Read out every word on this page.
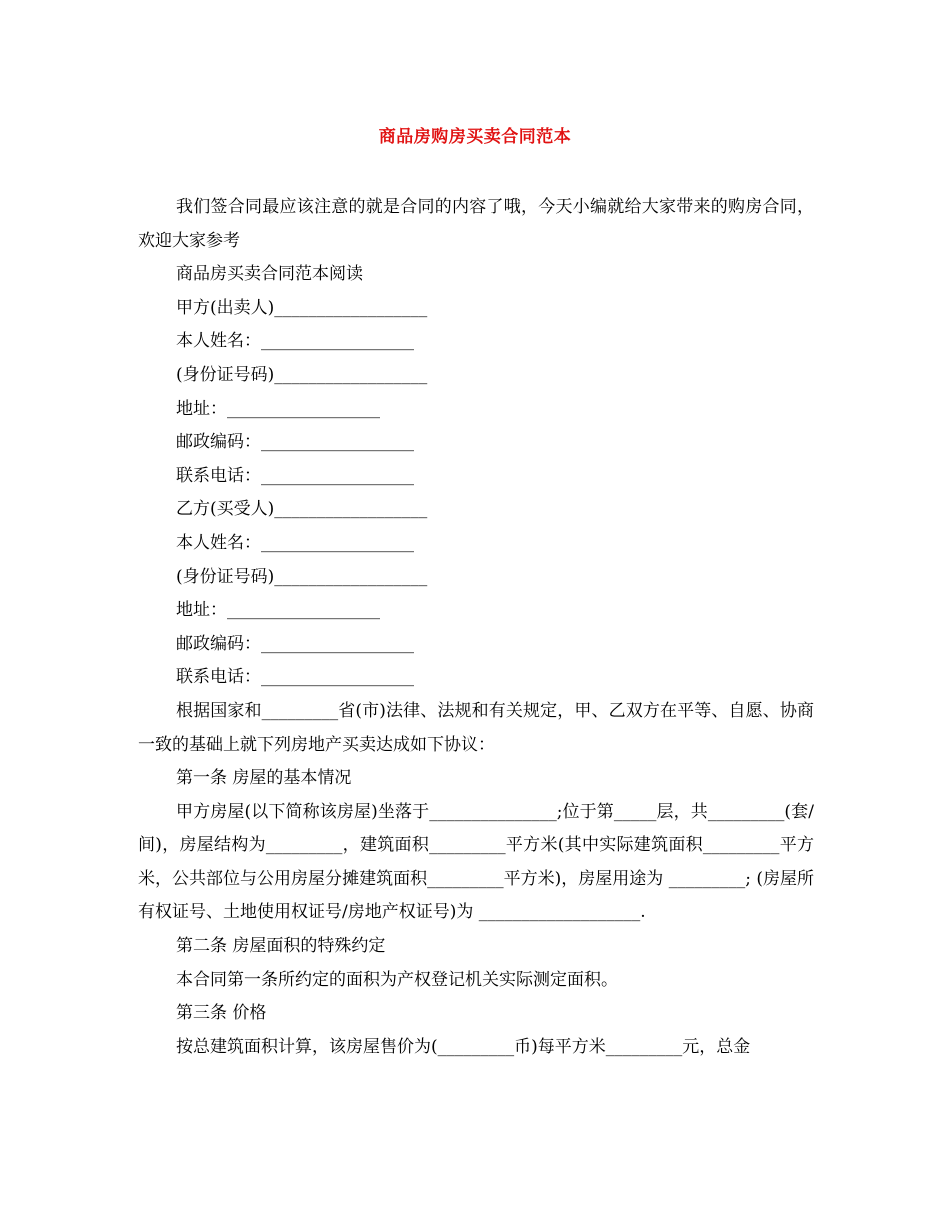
商品房购房买卖合同范本

我们签合同最应该注意的就是合同的内容了哦，今天小编就给大家带来的购房合同，欢迎大家参考

商品房买卖合同范本阅读

甲方(出卖人)__________________

本人姓名：__________________

(身份证号码)__________________

地址：__________________

邮政编码：__________________

联系电话：__________________

乙方(买受人)__________________

本人姓名：__________________

(身份证号码)__________________

地址：__________________

邮政编码：__________________

联系电话：__________________

根据国家和_________省(市)法律、法规和有关规定，甲、乙双方在平等、自愿、协商一致的基础上就下列房地产买卖达成如下协议：

第一条 房屋的基本情况

甲方房屋(以下简称该房屋)坐落于_______________;位于第_____层，共_________(套/间)，房屋结构为_________，建筑面积_________平方米(其中实际建筑面积_________平方米，公共部位与公用房屋分摊建筑面积_________平方米)，房屋用途为 _________; (房屋所有权证号、土地使用权证号/房地产权证号)为 ___________________.

第二条 房屋面积的特殊约定

本合同第一条所约定的面积为产权登记机关实际测定面积。

第三条 价格

按总建筑面积计算，该房屋售价为(_________币)每平方米_________元，总金
